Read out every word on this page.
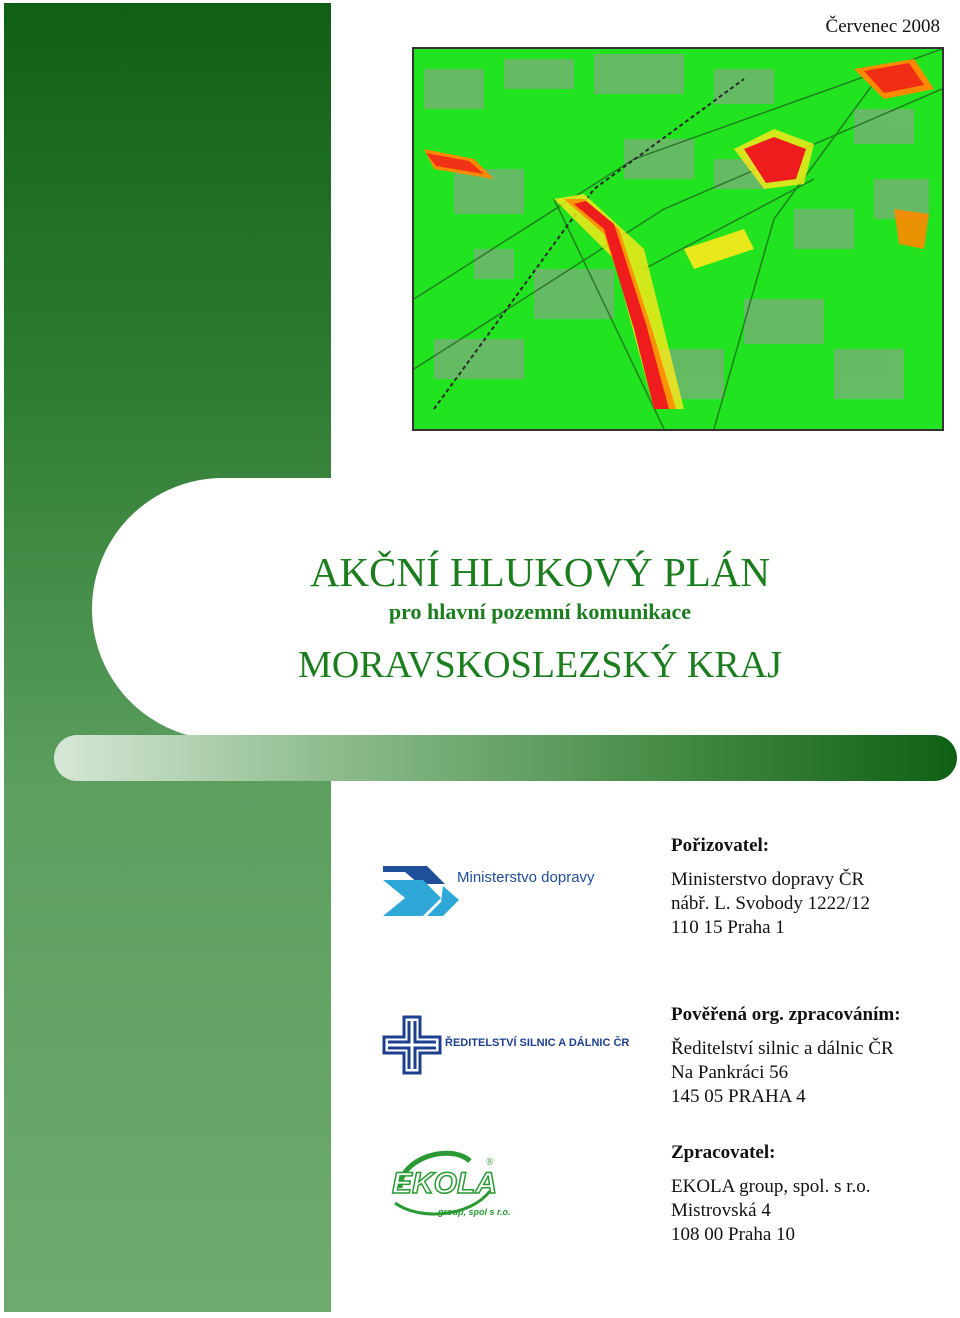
Červenec 2008
AKČNÍ HLUKOVÝ PLÁN
pro hlavní pozemní komunikace
MORAVSKOSLEZSKÝ KRAJ
Ministerstvo dopravy
ŘEDITELSTVÍ SILNIC A DÁLNIC ČR
EKOLA
®
group, spol s r.o.
Pořizovatel:
Ministerstvo dopravy ČR
nábř. L. Svobody 1222/12
110 15 Praha 1
Pověřená org. zpracováním:
Ředitelství silnic a dálnic ČR
Na Pankráci 56
145 05 PRAHA 4
Zpracovatel:
EKOLA group, spol. s r.o.
Mistrovská 4
108 00 Praha 10
